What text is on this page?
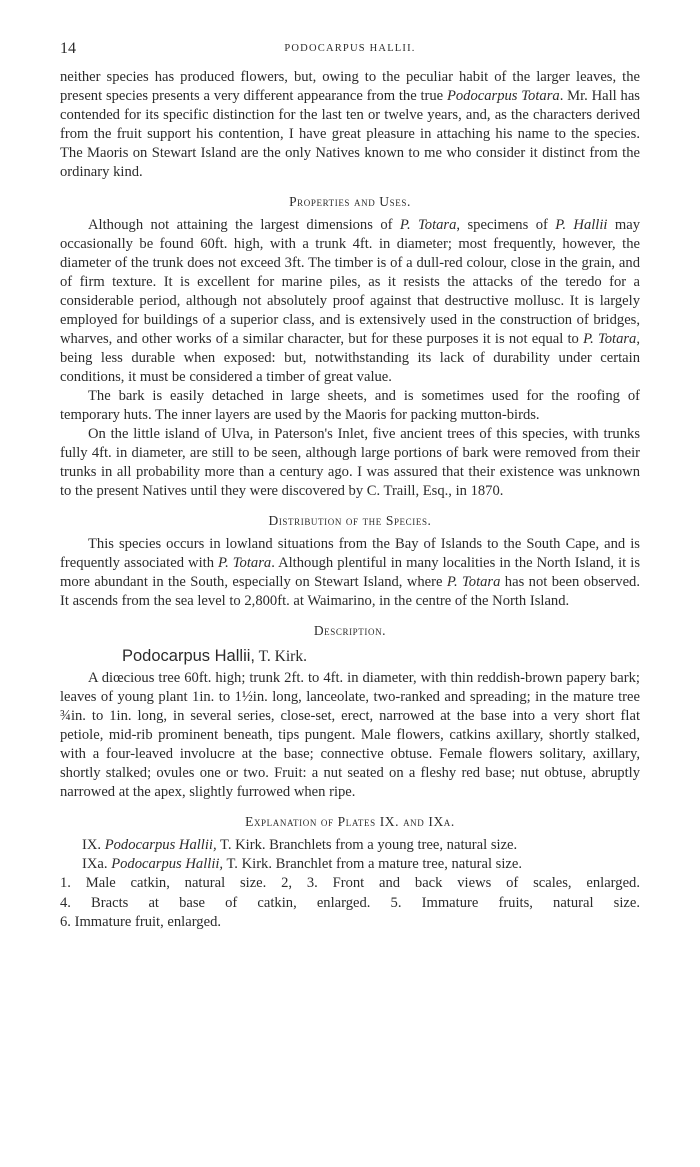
14	PODOCARPUS HALLII.

neither species has produced flowers, but, owing to the peculiar habit of the larger leaves, the present species presents a very different appearance from the true Podocarpus Totara. Mr. Hall has contended for its specific distinction for the last ten or twelve years, and, as the characters derived from the fruit support his contention, I have great pleasure in attaching his name to the species. The Maoris on Stewart Island are the only Natives known to me who consider it distinct from the ordinary kind.

Properties and Uses.

Although not attaining the largest dimensions of P. Totara, specimens of P. Hallii may occasionally be found 60ft. high, with a trunk 4ft. in diameter; most frequently, however, the diameter of the trunk does not exceed 3ft. The timber is of a dull-red colour, close in the grain, and of firm texture. It is excellent for marine piles, as it resists the attacks of the teredo for a considerable period, although not absolutely proof against that destructive mollusc. It is largely employed for buildings of a superior class, and is extensively used in the construction of bridges, wharves, and other works of a similar character, but for these purposes it is not equal to P. Totara, being less durable when exposed: but, notwithstanding its lack of durability under certain conditions, it must be considered a timber of great value.

The bark is easily detached in large sheets, and is sometimes used for the roofing of temporary huts. The inner layers are used by the Maoris for packing mutton-birds.

On the little island of Ulva, in Paterson's Inlet, five ancient trees of this species, with trunks fully 4ft. in diameter, are still to be seen, although large portions of bark were removed from their trunks in all probability more than a century ago. I was assured that their existence was unknown to the present Natives until they were discovered by C. Traill, Esq., in 1870.

Distribution of the Species.

This species occurs in lowland situations from the Bay of Islands to the South Cape, and is frequently associated with P. Totara. Although plentiful in many localities in the North Island, it is more abundant in the South, especially on Stewart Island, where P. Totara has not been observed. It ascends from the sea level to 2,800ft. at Waimarino, in the centre of the North Island.

Description.
Podocarpus Hallii, T. Kirk.

A diœcious tree 60ft. high; trunk 2ft. to 4ft. in diameter, with thin reddish-brown papery bark; leaves of young plant 1in. to 1½in. long, lanceolate, two-ranked and spreading; in the mature tree ¾in. to 1in. long, in several series, close-set, erect, narrowed at the base into a very short flat petiole, mid-rib prominent beneath, tips pungent. Male flowers, catkins axillary, shortly stalked, with a four-leaved involucre at the base; connective obtuse. Female flowers solitary, axillary, shortly stalked; ovules one or two. Fruit: a nut seated on a fleshy red base; nut obtuse, abruptly narrowed at the apex, slightly furrowed when ripe.

Explanation of Plates IX. and IXa.
IX. Podocarpus Hallii, T. Kirk. Branchlets from a young tree, natural size.
IXa. Podocarpus Hallii, T. Kirk. Branchlet from a mature tree, natural size.
1. Male catkin, natural size. 2, 3. Front and back views of scales, enlarged.
4. Bracts at base of catkin, enlarged. 5. Immature fruits, natural size.
6. Immature fruit, enlarged.
